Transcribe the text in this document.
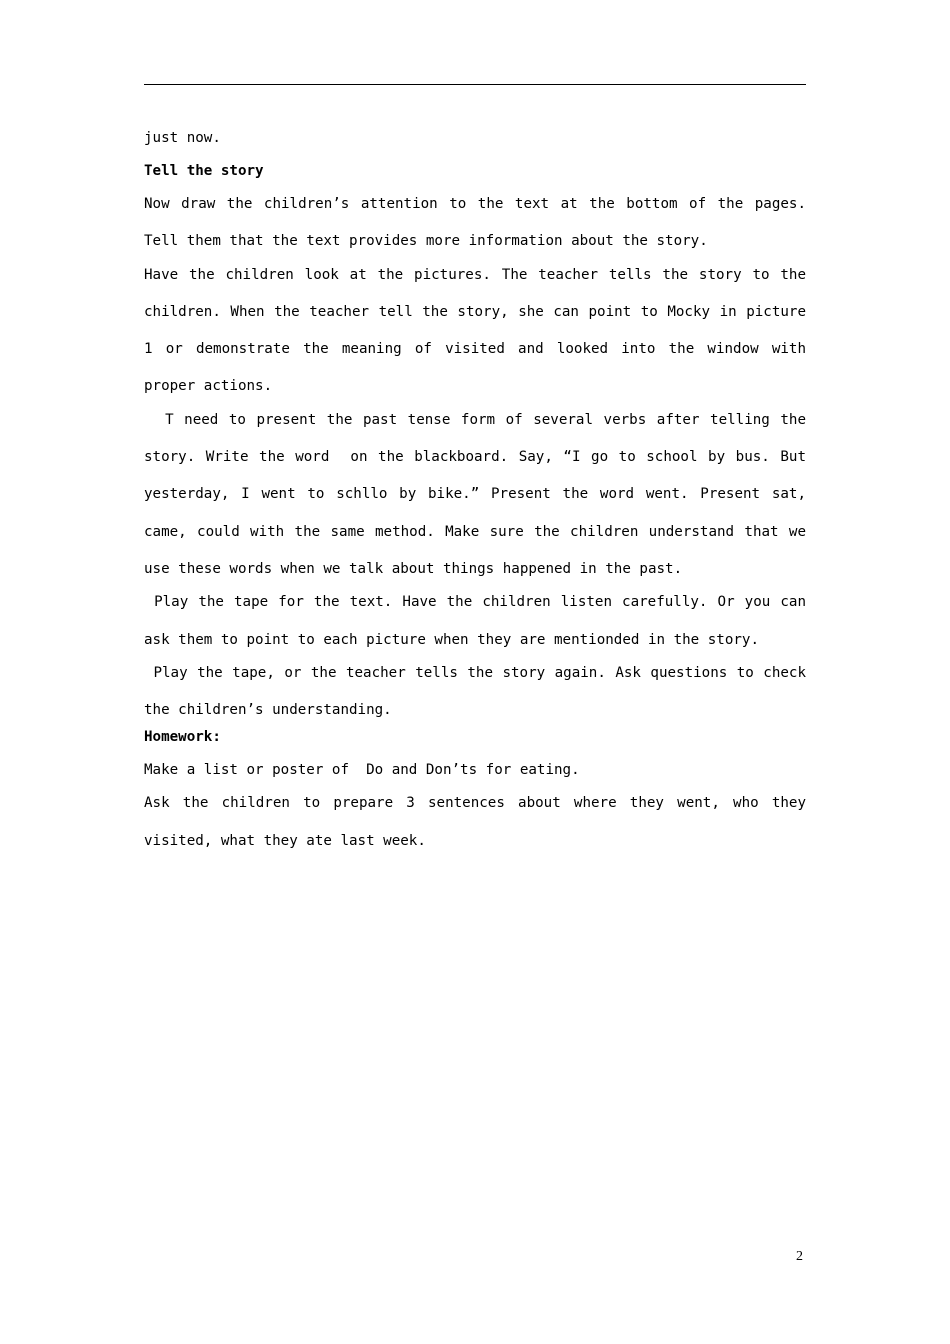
just now.

Tell the story

Now draw the children’s attention to the text at the bottom of the pages. Tell them that the text provides more information about the story.

Have the children look at the pictures. The teacher tells the story to the children. When the teacher tell the story, she can point to Mocky in picture 1 or demonstrate the meaning of visited and looked into the window with proper actions.

T need to present the past tense form of several verbs after telling the story. Write the word  on the blackboard. Say, “I go to school by bus. But yesterday, I went to schllo by bike.” Present the word went. Present sat, came, could with the same method. Make sure the children understand that we use these words when we talk about things happened in the past.

Play the tape for the text. Have the children listen carefully. Or you can ask them to point to each picture when they are mentionded in the story.

Play the tape, or the teacher tells the story again. Ask questions to check the children’s understanding.

Homework:

Make a list or poster of  Do and Don’ts for eating.

Ask the children to prepare 3 sentences about where they went, who they visited, what they ate last week.

2
